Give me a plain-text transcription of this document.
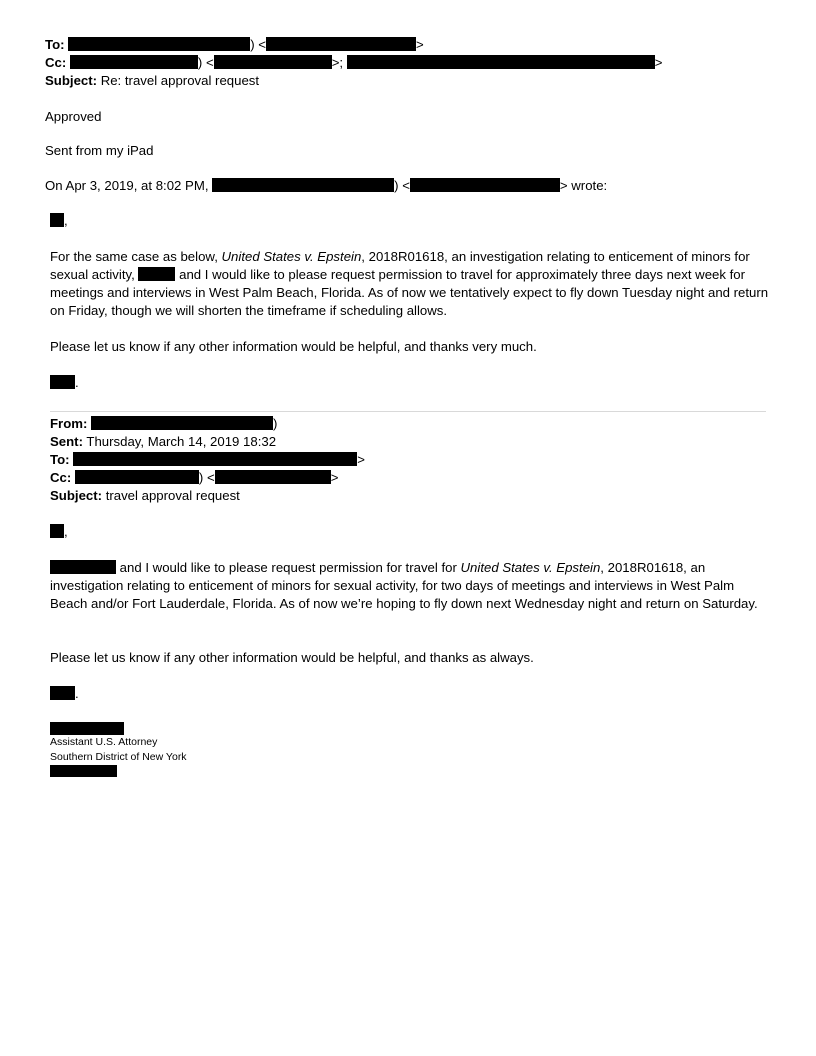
To:	) <	>
Cc:	) <	>;	>
Subject: Re: travel approval request
Approved
Sent from my iPad
On Apr 3, 2019, at 8:02 PM,	) <	> wrote:
,

For the same case as below, United States v. Epstein, 2018R01618, an investigation relating to enticement of minors for sexual activity,	and I would like to please request permission to travel for approximately three days next week for meetings and interviews in West Palm Beach, Florida. As of now we tentatively expect to fly down Tuesday night and return on Friday, though we will shorten the timeframe if scheduling allows.

Please let us know if any other information would be helpful, and thanks very much.
.
From:	)
Sent: Thursday, March 14, 2019 18:32
To:	>
Cc:	) <	>
Subject: travel approval request
,

and I would like to please request permission for travel for United States v. Epstein, 2018R01618, an investigation relating to enticement of minors for sexual activity, for two days of meetings and interviews in West Palm Beach and/or Fort Lauderdale, Florida. As of now we’re hoping to fly down next Wednesday night and return on Saturday.

Please let us know if any other information would be helpful, and thanks as always.
.
Assistant U.S. Attorney
Southern District of New York
